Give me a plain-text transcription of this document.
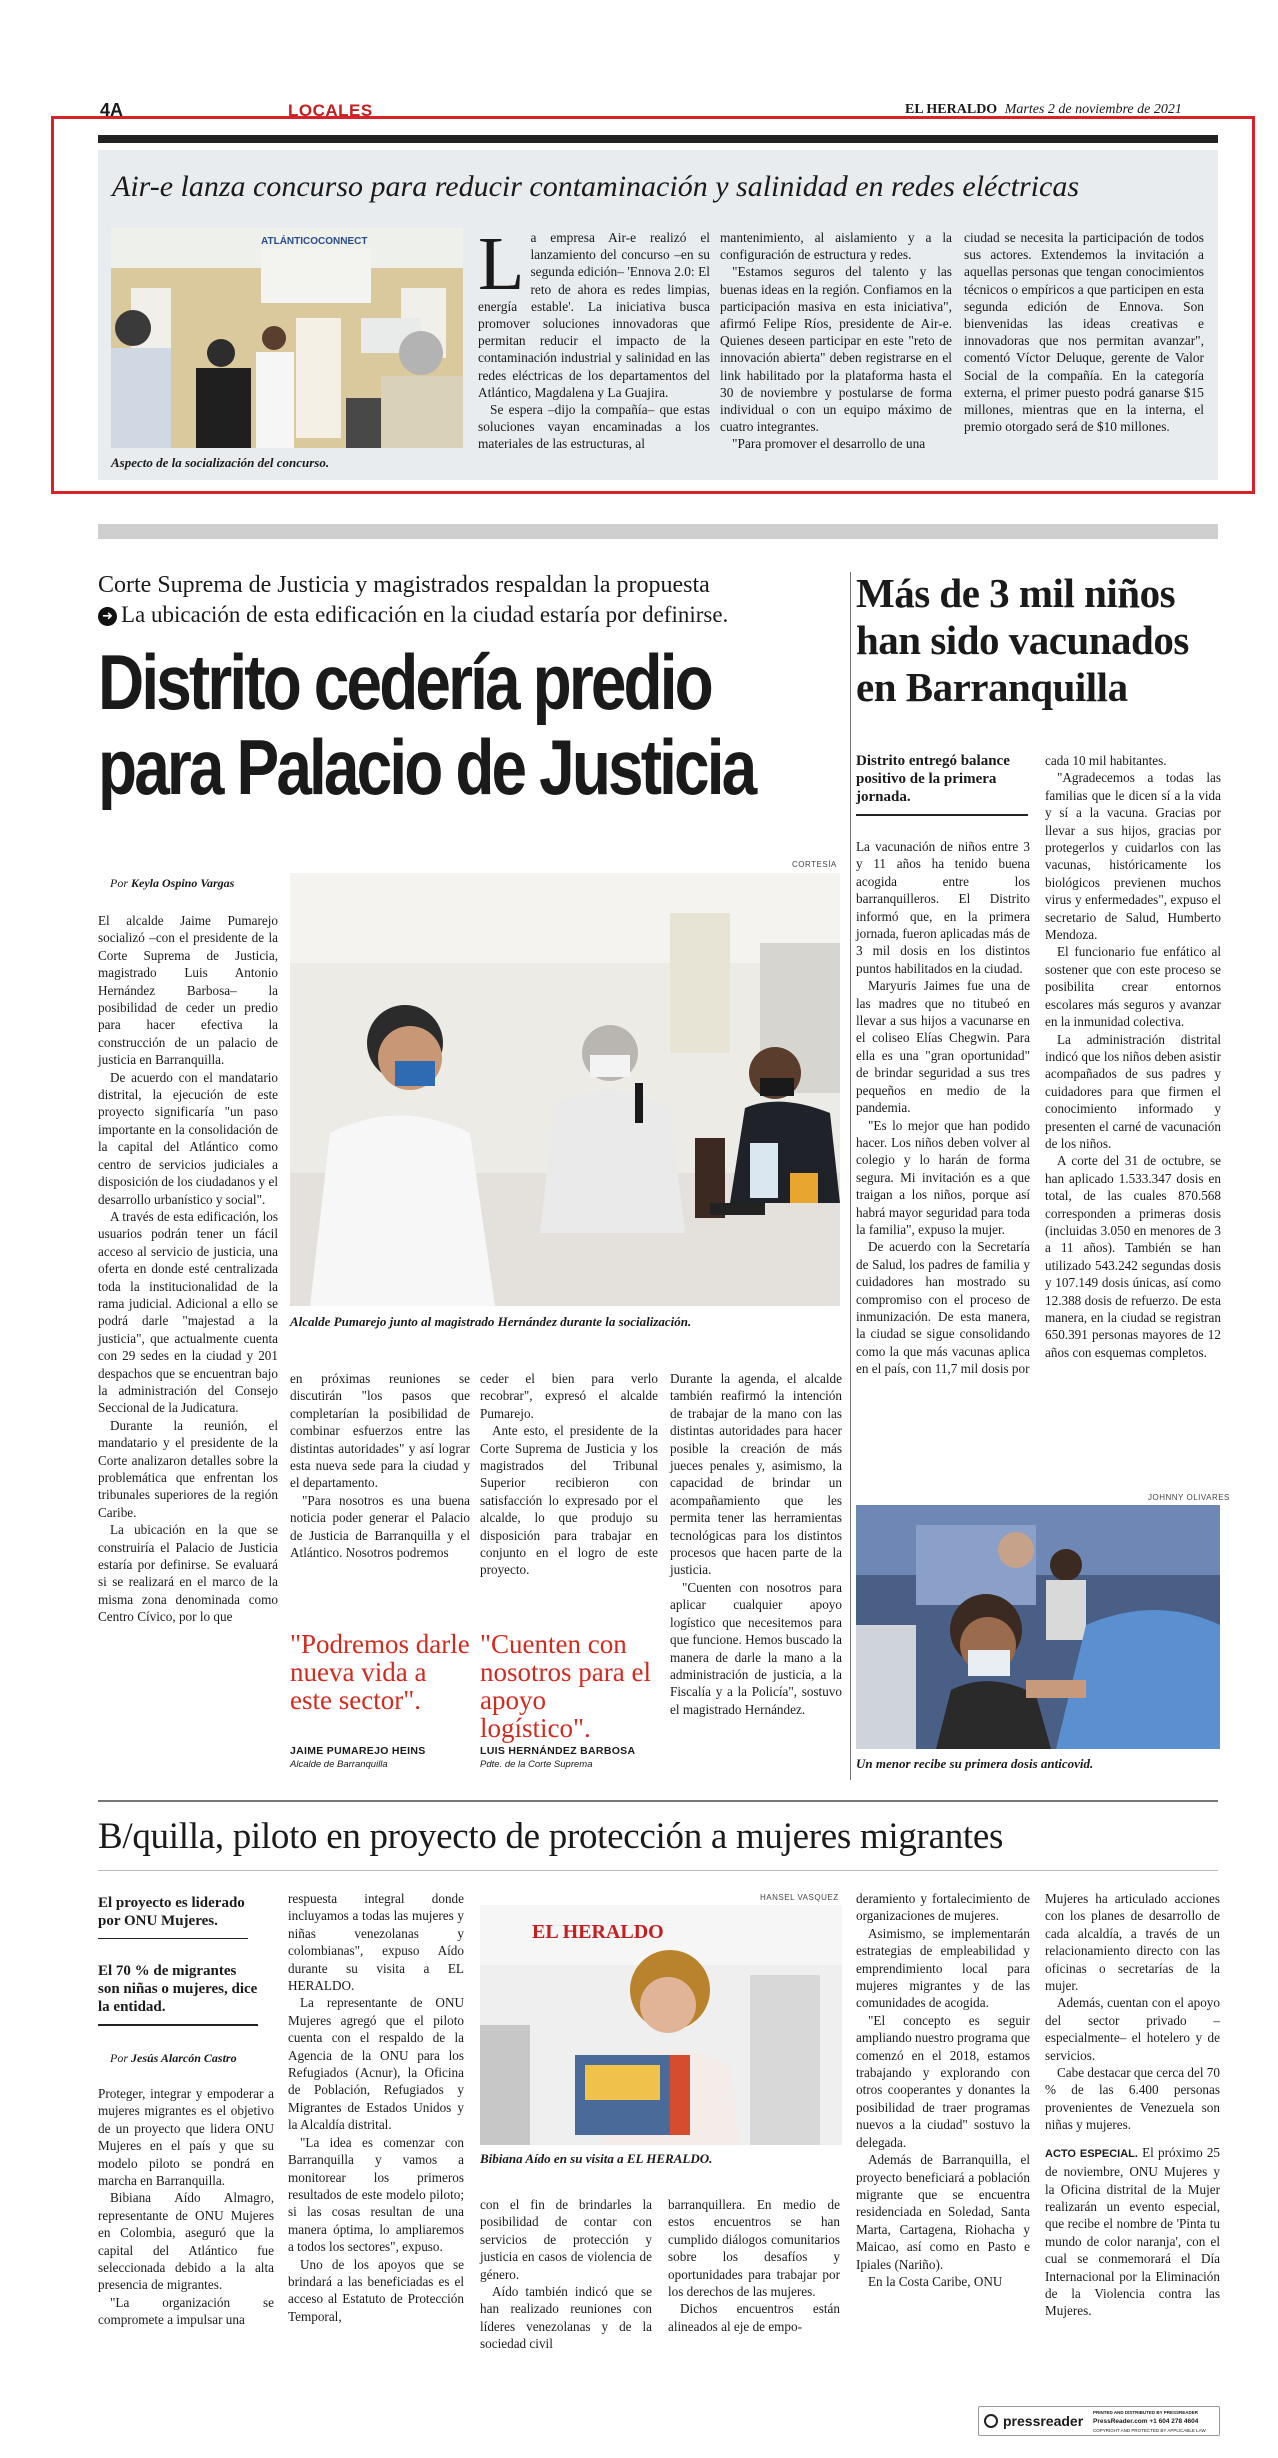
4A	LOCALES	EL HERALDO Martes 2 de noviembre de 2021
Air-e lanza concurso para reducir contaminación y salinidad en redes eléctricas
ATLÁNTICOCONNECT
Aspecto de la socialización del concurso.

La empresa Air-e realizó el lanzamiento del concurso –en su segunda edición– 'Ennova 2.0: El reto de ahora es redes limpias, energía estable'. La iniciativa busca promover soluciones innovadoras que permitan reducir el impacto de la contaminación industrial y salinidad en las redes eléctricas de los departamentos del Atlántico, Magdalena y La Guajira.

Se espera –dijo la compañía– que estas soluciones vayan encaminadas a los materiales de las estructuras, al

mantenimiento, al aislamiento y a la configuración de estructura y redes.

"Estamos seguros del talento y las buenas ideas en la región. Confiamos en la participación masiva en esta iniciativa", afirmó Felipe Ríos, presidente de Air-e. Quienes deseen participar en este "reto de innovación abierta" deben registrarse en el link habilitado por la plataforma hasta el 30 de noviembre y postularse de forma individual o con un equipo máximo de cuatro integrantes.

"Para promover el desarrollo de una

ciudad se necesita la participación de todos sus actores. Extendemos la invitación a aquellas personas que tengan conocimientos técnicos o empíricos a que participen en esta segunda edición de Ennova. Son bienvenidas las ideas creativas e innovadoras que nos permitan avanzar", comentó Víctor Deluque, gerente de Valor Social de la compañía. En la categoría externa, el primer puesto podrá ganarse $15 millones, mientras que en la interna, el premio otorgado será de $10 millones.

Corte Suprema de Justicia y magistrados respaldan la propuesta
➜ La ubicación de esta edificación en la ciudad estaría por definirse.
Distrito cedería predio
para Palacio de Justicia
Por Keyla Ospino Vargas
CORTESÍA
Alcalde Pumarejo junto al magistrado Hernández durante la socialización.

El alcalde Jaime Pumarejo socializó –con el presidente de la Corte Suprema de Justicia, magistrado Luis Antonio Hernández Barbosa– la posibilidad de ceder un predio para hacer efectiva la construcción de un palacio de justicia en Barranquilla.

De acuerdo con el mandatario distrital, la ejecución de este proyecto significaría "un paso importante en la consolidación de la capital del Atlántico como centro de servicios judiciales a disposición de los ciudadanos y el desarrollo urbanístico y social".

A través de esta edificación, los usuarios podrán tener un fácil acceso al servicio de justicia, una oferta en donde esté centralizada toda la institucionalidad de la rama judicial. Adicional a ello se podrá darle "majestad a la justicia", que actualmente cuenta con 29 sedes en la ciudad y 201 despachos que se encuentran bajo la administración del Consejo Seccional de la Judicatura.

Durante la reunión, el mandatario y el presidente de la Corte analizaron detalles sobre la problemática que enfrentan los tribunales superiores de la región Caribe.

La ubicación en la que se construiría el Palacio de Justicia estaría por definirse. Se evaluará si se realizará en el marco de la misma zona denominada como Centro Cívico, por lo que

en próximas reuniones se discutirán "los pasos que completarían la posibilidad de combinar esfuerzos entre las distintas autoridades" y así lograr esta nueva sede para la ciudad y el departamento.

"Para nosotros es una buena noticia poder generar el Palacio de Justicia de Barranquilla y el Atlántico. Nosotros podremos

"Podremos darle nueva vida a este sector".
JAIME PUMAREJO HEINS
Alcalde de Barranquilla

ceder el bien para verlo recobrar", expresó el alcalde Pumarejo.

Ante esto, el presidente de la Corte Suprema de Justicia y los magistrados del Tribunal Superior recibieron con satisfacción lo expresado por el alcalde, lo que produjo su disposición para trabajar en conjunto en el logro de este proyecto.

"Cuenten con nosotros para el apoyo logístico".
LUIS HERNÁNDEZ BARBOSA
Pdte. de la Corte Suprema

Durante la agenda, el alcalde también reafirmó la intención de trabajar de la mano con las distintas autoridades para hacer posible la creación de más jueces penales y, asimismo, la capacidad de brindar un acompañamiento que les permita tener las herramientas tecnológicas para los distintos procesos que hacen parte de la justicia.

"Cuenten con nosotros para aplicar cualquier apoyo logístico que necesitemos para que funcione. Hemos buscado la manera de darle la mano a la administración de justicia, a la Fiscalía y a la Policía", sostuvo el magistrado Hernández.

Más de 3 mil niños han sido vacunados en Barranquilla
Distrito entregó balance positivo de la primera jornada.

La vacunación de niños entre 3 y 11 años ha tenido buena acogida entre los barranquilleros. El Distrito informó que, en la primera jornada, fueron aplicadas más de 3 mil dosis en los distintos puntos habilitados en la ciudad.

Maryuris Jaimes fue una de las madres que no titubeó en llevar a sus hijos a vacunarse en el coliseo Elías Chegwin. Para ella es una "gran oportunidad" de brindar seguridad a sus tres pequeños en medio de la pandemia.

"Es lo mejor que han podido hacer. Los niños deben volver al colegio y lo harán de forma segura. Mi invitación es a que traigan a los niños, porque así habrá mayor seguridad para toda la familia", expuso la mujer.

De acuerdo con la Secretaría de Salud, los padres de familia y cuidadores han mostrado su compromiso con el proceso de inmunización. De esta manera, la ciudad se sigue consolidando como la que más vacunas aplica en el país, con 11,7 mil dosis por

cada 10 mil habitantes.

"Agradecemos a todas las familias que le dicen sí a la vida y sí a la vacuna. Gracias por llevar a sus hijos, gracias por protegerlos y cuidarlos con las vacunas, históricamente los biológicos previenen muchos virus y enfermedades", expuso el secretario de Salud, Humberto Mendoza.

El funcionario fue enfático al sostener que con este proceso se posibilita crear entornos escolares más seguros y avanzar en la inmunidad colectiva.

La administración distrital indicó que los niños deben asistir acompañados de sus padres y cuidadores para que firmen el conocimiento informado y presenten el carné de vacunación de los niños.

A corte del 31 de octubre, se han aplicado 1.533.347 dosis en total, de las cuales 870.568 corresponden a primeras dosis (incluidas 3.050 en menores de 3 a 11 años). También se han utilizado 543.242 segundas dosis y 107.149 dosis únicas, así como 12.388 dosis de refuerzo. De esta manera, en la ciudad se registran 650.391 personas mayores de 12 años con esquemas completos.

JOHNNY OLIVARES
Un menor recibe su primera dosis anticovid.
B/quilla, piloto en proyecto de protección a mujeres migrantes
El proyecto es liderado por ONU Mujeres.
El 70 % de migrantes son niñas o mujeres, dice la entidad.
Por Jesús Alarcón Castro

Proteger, integrar y empoderar a mujeres migrantes es el objetivo de un proyecto que lidera ONU Mujeres en el país y que su modelo piloto se pondrá en marcha en Barranquilla.

Bibiana Aído Almagro, representante de ONU Mujeres en Colombia, aseguró que la capital del Atlántico fue seleccionada debido a la alta presencia de migrantes.

"La organización se compromete a impulsar una

respuesta integral donde incluyamos a todas las mujeres y niñas venezolanas y colombianas", expuso Aído durante su visita a EL HERALDO.

La representante de ONU Mujeres agregó que el piloto cuenta con el respaldo de la Agencia de la ONU para los Refugiados (Acnur), la Oficina de Población, Refugiados y Migrantes de Estados Unidos y la Alcaldía distrital.

"La idea es comenzar con Barranquilla y vamos a monitorear los primeros resultados de este modelo piloto; si las cosas resultan de una manera óptima, lo ampliaremos a todos los sectores", expuso.

Uno de los apoyos que se brindará a las beneficiadas es el acceso al Estatuto de Protección Temporal,

HANSEL VASQUEZ
EL HERALDO
Bibiana Aído en su visita a EL HERALDO.

con el fin de brindarles la posibilidad de contar con servicios de protección y justicia en casos de violencia de género.

Aído también indicó que se han realizado reuniones con líderes venezolanas y de la sociedad civil

barranquillera. En medio de estos encuentros se han cumplido diálogos comunitarios sobre los desafíos y oportunidades para trabajar por los derechos de las mujeres.

Dichos encuentros están alineados al eje de empo-

deramiento y fortalecimiento de organizaciones de mujeres.

Asimismo, se implementarán estrategias de empleabilidad y emprendimiento local para mujeres migrantes y de las comunidades de acogida.

"El concepto es seguir ampliando nuestro programa que comenzó en el 2018, estamos trabajando y explorando con otros cooperantes y donantes la posibilidad de traer programas nuevos a la ciudad" sostuvo la delegada.

Además de Barranquilla, el proyecto beneficiará a población migrante que se encuentra residenciada en Soledad, Santa Marta, Cartagena, Riohacha y Maicao, así como en Pasto e Ipiales (Nariño).

En la Costa Caribe, ONU

Mujeres ha articulado acciones con los planes de desarrollo de cada alcaldía, a través de un relacionamiento directo con las oficinas o secretarías de la mujer.

Además, cuentan con el apoyo del sector privado –especialmente– el hotelero y de servicios.

Cabe destacar que cerca del 70 % de las 6.400 personas provenientes de Venezuela son niñas y mujeres.

ACTO ESPECIAL. El próximo 25 de noviembre, ONU Mujeres y la Oficina distrital de la Mujer realizarán un evento especial, que recibe el nombre de 'Pinta tu mundo de color naranja', con el cual se conmemorará el Día Internacional por la Eliminación de la Violencia contra las Mujeres.

pressreader
PRINTED AND DISTRIBUTED BY PRESSREADER
PressReader.com +1 604 278 4604
COPYRIGHT AND PROTECTED BY APPLICABLE LAW
